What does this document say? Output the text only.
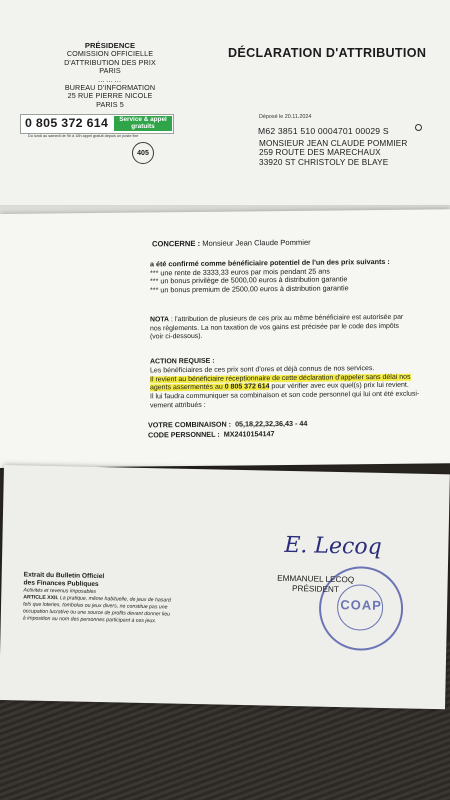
PRÉSIDENCE
COMISSION OFFICIELLE
D'ATTRIBUTION DES PRIX
PARIS
………
BUREAU D'INFORMATION
25 RUE PIERRE NICOLE
PARIS 5
DÉCLARATION D'ATTRIBUTION
0 805 372 614	Service & appel
gratuits
Du lundi au samedi de 9h à 18h appel gratuit depuis un poste fixe
405
Déposé le 20.11.2024
M62 3851 510 0004701 00029 S
MONSIEUR JEAN CLAUDE POMMIER
259 ROUTE DES MARECHAUX
33920 ST CHRISTOLY DE BLAYE
CONCERNE : Monsieur Jean Claude Pommier
a été confirmé comme bénéficiaire potentiel de l'un des prix suivants :
*** une rente de 3333,33 euros par mois pendant 25 ans
*** un bonus privilège de 5000,00 euros à distribution garantie
*** un bonus premium de 2500,00 euros à distribution garantie
NOTA : l'attribution de plusieurs de ces prix au même bénéficiaire est autorisée par
nos règlements. La non taxation de vos gains est précisée par le code des impôts
(voir ci-dessous).
ACTION REQUISE :
Les bénéficiaires de ces prix sont d'ores et déjà connus de nos services.
Il revient au bénéficiaire réceptionnaire de cette déclaration d'appeler sans délai nos
agents assermentés au 0 805 372 614 pour vérifier avec eux quel(s) prix lui revient.
Il lui faudra communiquer sa combinaison et son code personnel qui lui ont été exclusi-
vement attribués :
VOTRE COMBINAISON : 05,18,22,32,36,43 - 44
CODE PERSONNEL : MX2410154147
E. Lecoq
COAP
EMMANUEL LECOQ
PRÉSIDENT
Extrait du Bulletin Officiel
des Finances Publiques
Activités et revenus imposables
ARTICLE XXII. La pratique, même habituelle, de jeux de hasard tels que loteries, tombolas ou jeux divers, ne constitue pas une occupation lucrative ou une source de profits devant donner lieu à imposition au nom des personnes participant à ces jeux.
